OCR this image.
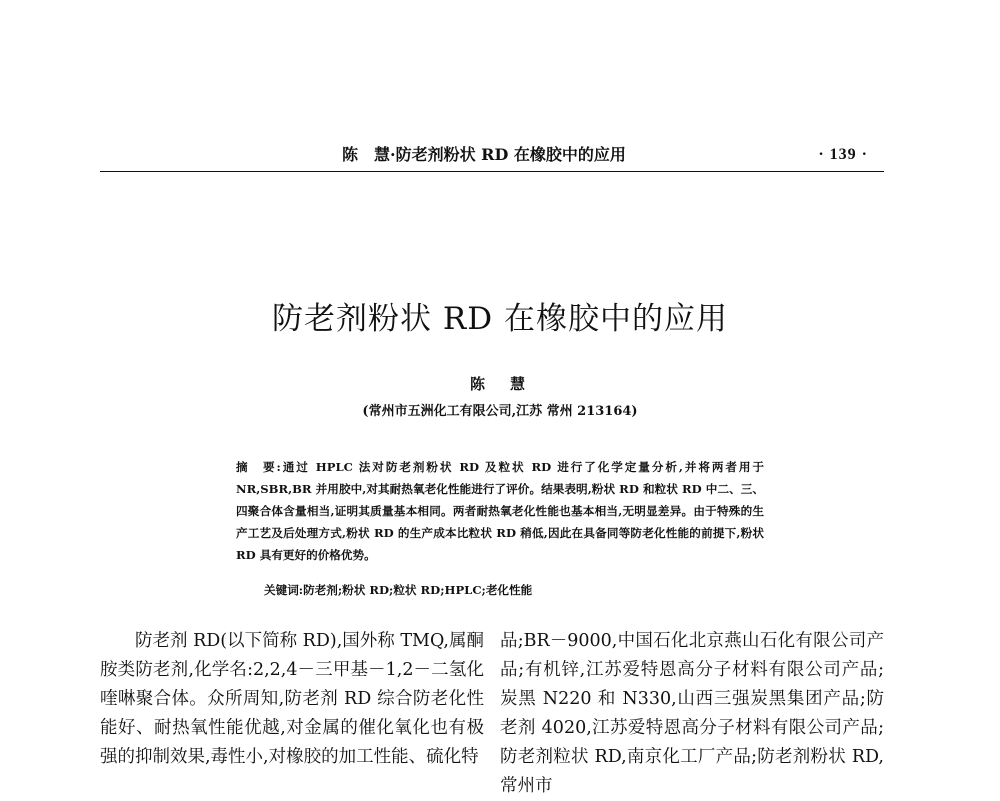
陈　慧·防老剂粉状 RD 在橡胶中的应用	· 139 ·
防老剂粉状 RD 在橡胶中的应用
陈　慧
(常州市五洲化工有限公司,江苏 常州 213164)
摘　要:通过 HPLC 法对防老剂粉状 RD 及粒状 RD 进行了化学定量分析,并将两者用于 NR,SBR,BR 并用胶中,对其耐热氧老化性能进行了评价。结果表明,粉状 RD 和粒状 RD 中二、三、四聚合体含量相当,证明其质量基本相同。两者耐热氧老化性能也基本相当,无明显差异。由于特殊的生产工艺及后处理方式,粉状 RD 的生产成本比粒状 RD 稍低,因此在具备同等防老化性能的前提下,粉状 RD 具有更好的价格优势。
关键词:防老剂;粉状 RD;粒状 RD;HPLC;老化性能

防老剂 RD(以下简称 RD),国外称 TMQ,属酮胺类防老剂,化学名:2,2,4－三甲基－1,2－二氢化喹啉聚合体。众所周知,防老剂 RD 综合防老化性能好、耐热氧性能优越,对金属的催化氧化也有极强的抑制效果,毒性小,对橡胶的加工性能、硫化特

品;BR－9000,中国石化北京燕山石化有限公司产品;有机锌,江苏爱特恩高分子材料有限公司产品;炭黑 N220 和 N330,山西三强炭黑集团产品;防老剂 4020,江苏爱特恩高分子材料有限公司产品;防老剂粒状 RD,南京化工厂产品;防老剂粉状 RD,常州市
